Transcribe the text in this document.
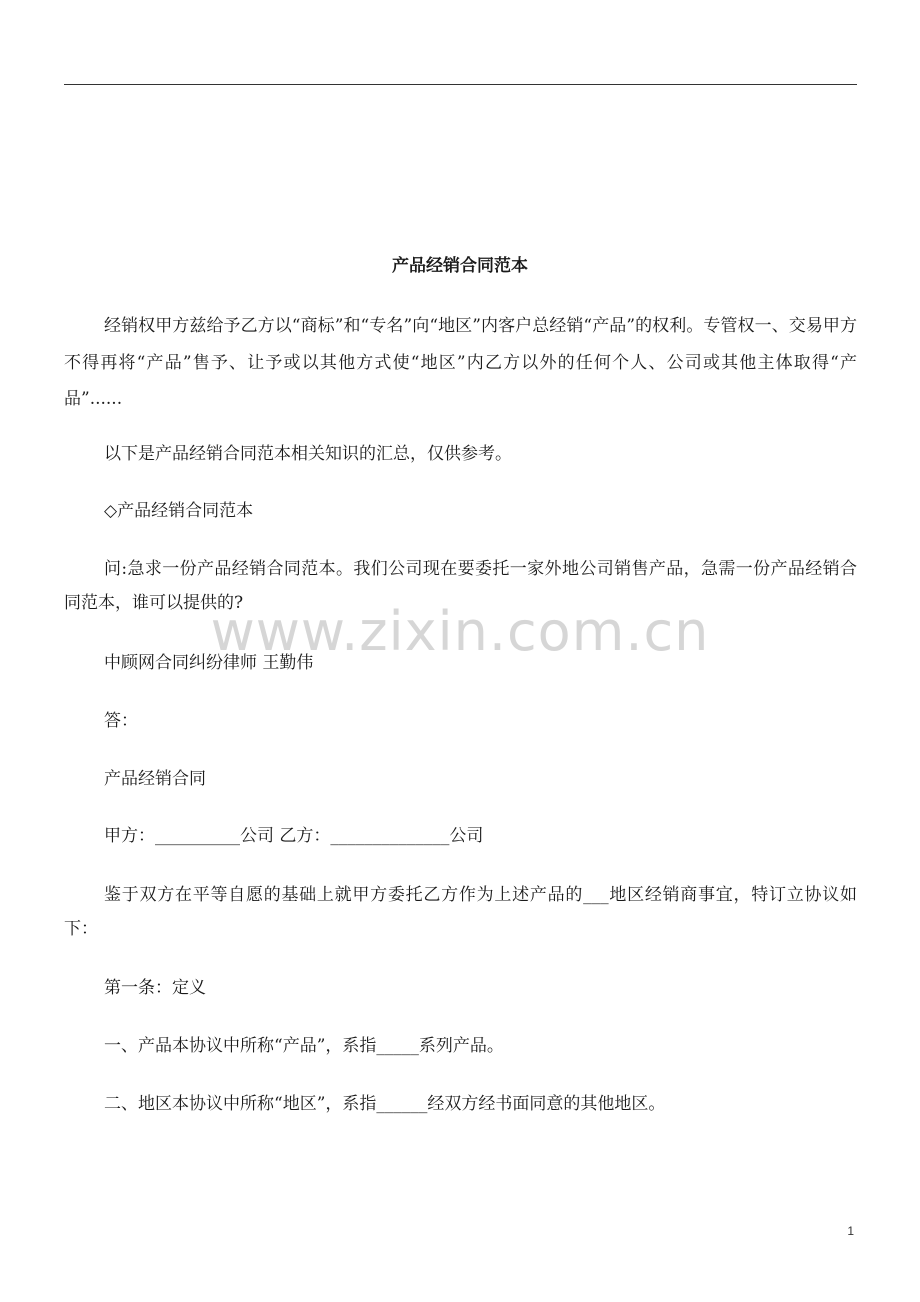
www.zixin.com.cn
产品经销合同范本

经销权甲方兹给予乙方以“商标”和“专名”向“地区”内客户总经销“产品”的权利。专管权一、交易甲方不得再将“产品”售予、让予或以其他方式使“地区”内乙方以外的任何个人、公司或其他主体取得“产品”......

以下是产品经销合同范本相关知识的汇总，仅供参考。

◇产品经销合同范本

问:急求一份产品经销合同范本。我们公司现在要委托一家外地公司销售产品，急需一份产品经销合同范本，谁可以提供的?

中顾网合同纠纷律师 王勤伟

答：

产品经销合同

甲方：__________公司 乙方：______________公司

鉴于双方在平等自愿的基础上就甲方委托乙方作为上述产品的___地区经销商事宜，特订立协议如下：

第一条：定义

一、产品本协议中所称“产品”，系指_____系列产品。

二、地区本协议中所称“地区”，系指______经双方经书面同意的其他地区。

1
